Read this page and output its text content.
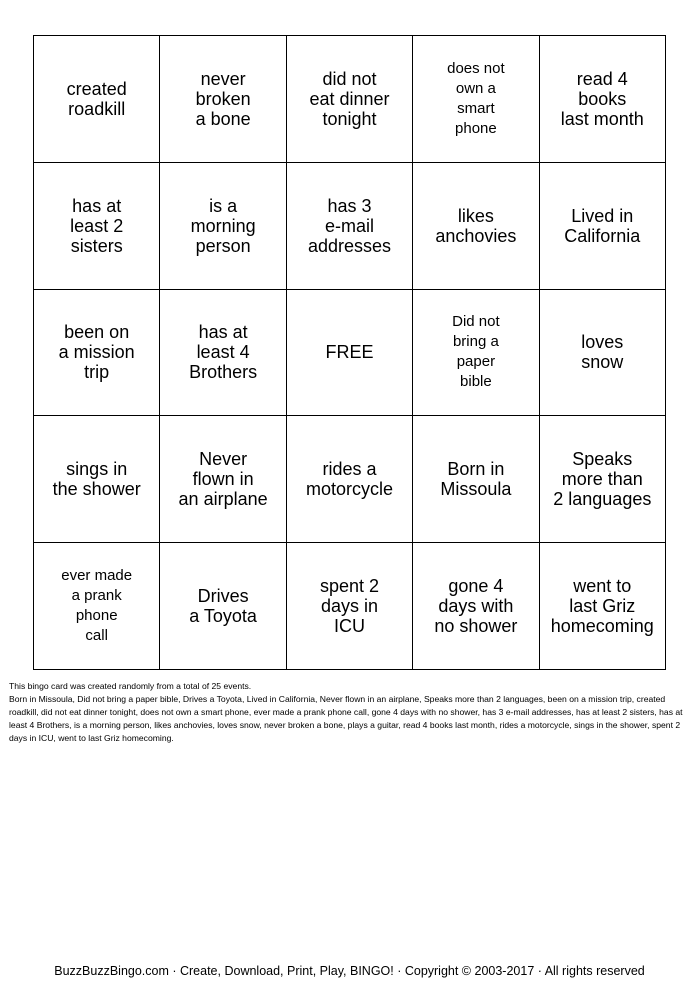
created
roadkill
never
broken
a bone
did not
eat dinner
tonight
does not
own a
smart
phone
read 4
books
last month
has at
least 2
sisters
is a
morning
person
has 3
e-mail
addresses
likes
anchovies
Lived in
California
been on
a mission
trip
has at
least 4
Brothers
FREE
Did not
bring a
paper
bible
loves
snow
sings in
the shower
Never
flown in
an airplane
rides a
motorcycle
Born in
Missoula
Speaks
more than
2 languages
ever made
a prank
phone
call
Drives
a Toyota
spent 2
days in
ICU
gone 4
days with
no shower
went to
last Griz
homecoming

This bingo card was created randomly from a total of 25 events.

Born in Missoula, Did not bring a paper bible, Drives a Toyota, Lived in California, Never flown in an airplane, Speaks more than 2 languages, been on a mission trip, created roadkill, did not eat dinner tonight, does not own a smart phone, ever made a prank phone call, gone 4 days with no shower, has 3 e-mail addresses, has at least 2 sisters, has at least 4 Brothers, is a morning person, likes anchovies, loves snow, never broken a bone, plays a guitar, read 4 books last month, rides a motorcycle, sings in the shower, spent 2 days in ICU, went to last Griz homecoming.

BuzzBuzzBingo.com · Create, Download, Print, Play, BINGO! · Copyright © 2003-2017 · All rights reserved
